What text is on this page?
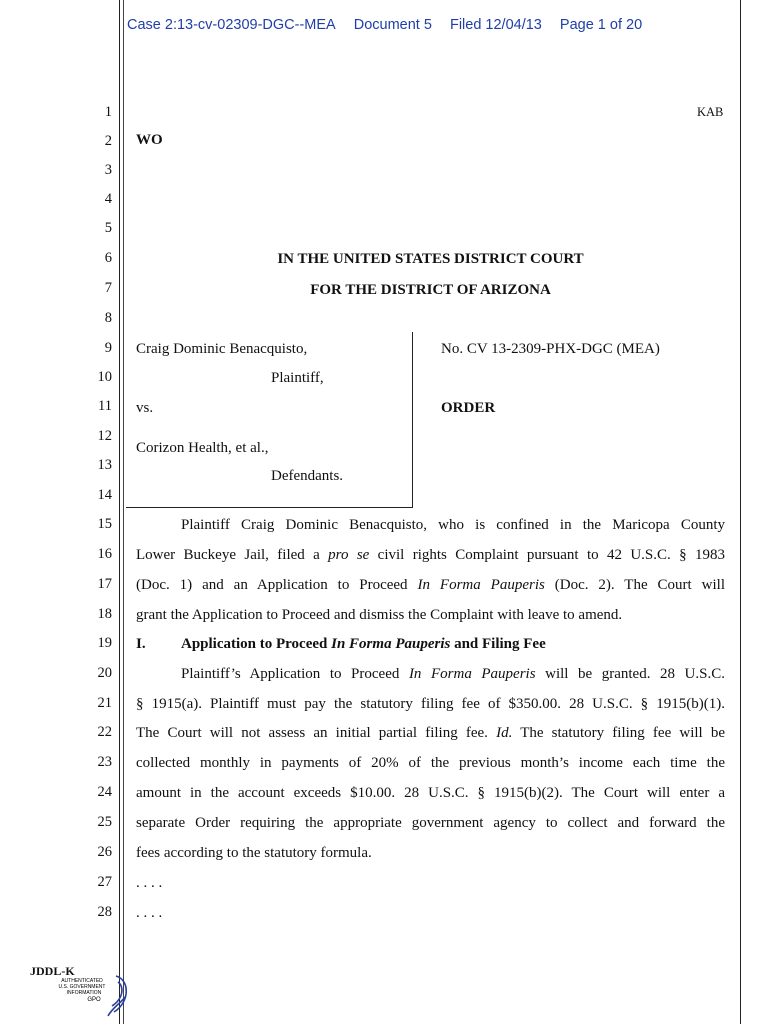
Case 2:13-cv-02309-DGC--MEA Document 5 Filed 12/04/13 Page 1 of 20
1
2
3
4
5
6
7
8
9
10
11
12
13
14
15
16
17
18
19
20
21
22
23
24
25
26
27
28
KAB
WO
IN THE UNITED STATES DISTRICT COURT
FOR THE DISTRICT OF ARIZONA
Craig Dominic Benacquisto,
Plaintiff,
vs.
Corizon Health, et al.,
Defendants.
No. CV 13-2309-PHX-DGC (MEA)
ORDER
Plaintiff Craig Dominic Benacquisto, who is confined in the Maricopa County
Lower Buckeye Jail, filed a pro se civil rights Complaint pursuant to 42 U.S.C. § 1983
(Doc. 1) and an Application to Proceed In Forma Pauperis (Doc. 2). The Court will
grant the Application to Proceed and dismiss the Complaint with leave to amend.
I. Application to Proceed In Forma Pauperis and Filing Fee
Plaintiff’s Application to Proceed In Forma Pauperis will be granted. 28 U.S.C.
§ 1915(a). Plaintiff must pay the statutory filing fee of $350.00. 28 U.S.C. § 1915(b)(1).
The Court will not assess an initial partial filing fee. Id. The statutory filing fee will be
collected monthly in payments of 20% of the previous month’s income each time the
amount in the account exceeds $10.00. 28 U.S.C. § 1915(b)(2). The Court will enter a
separate Order requiring the appropriate government agency to collect and forward the
fees according to the statutory formula.
. . . .
. . . .
JDDL-K
AUTHENTICATED
U.S. GOVERNMENT
INFORMATION
GPO
